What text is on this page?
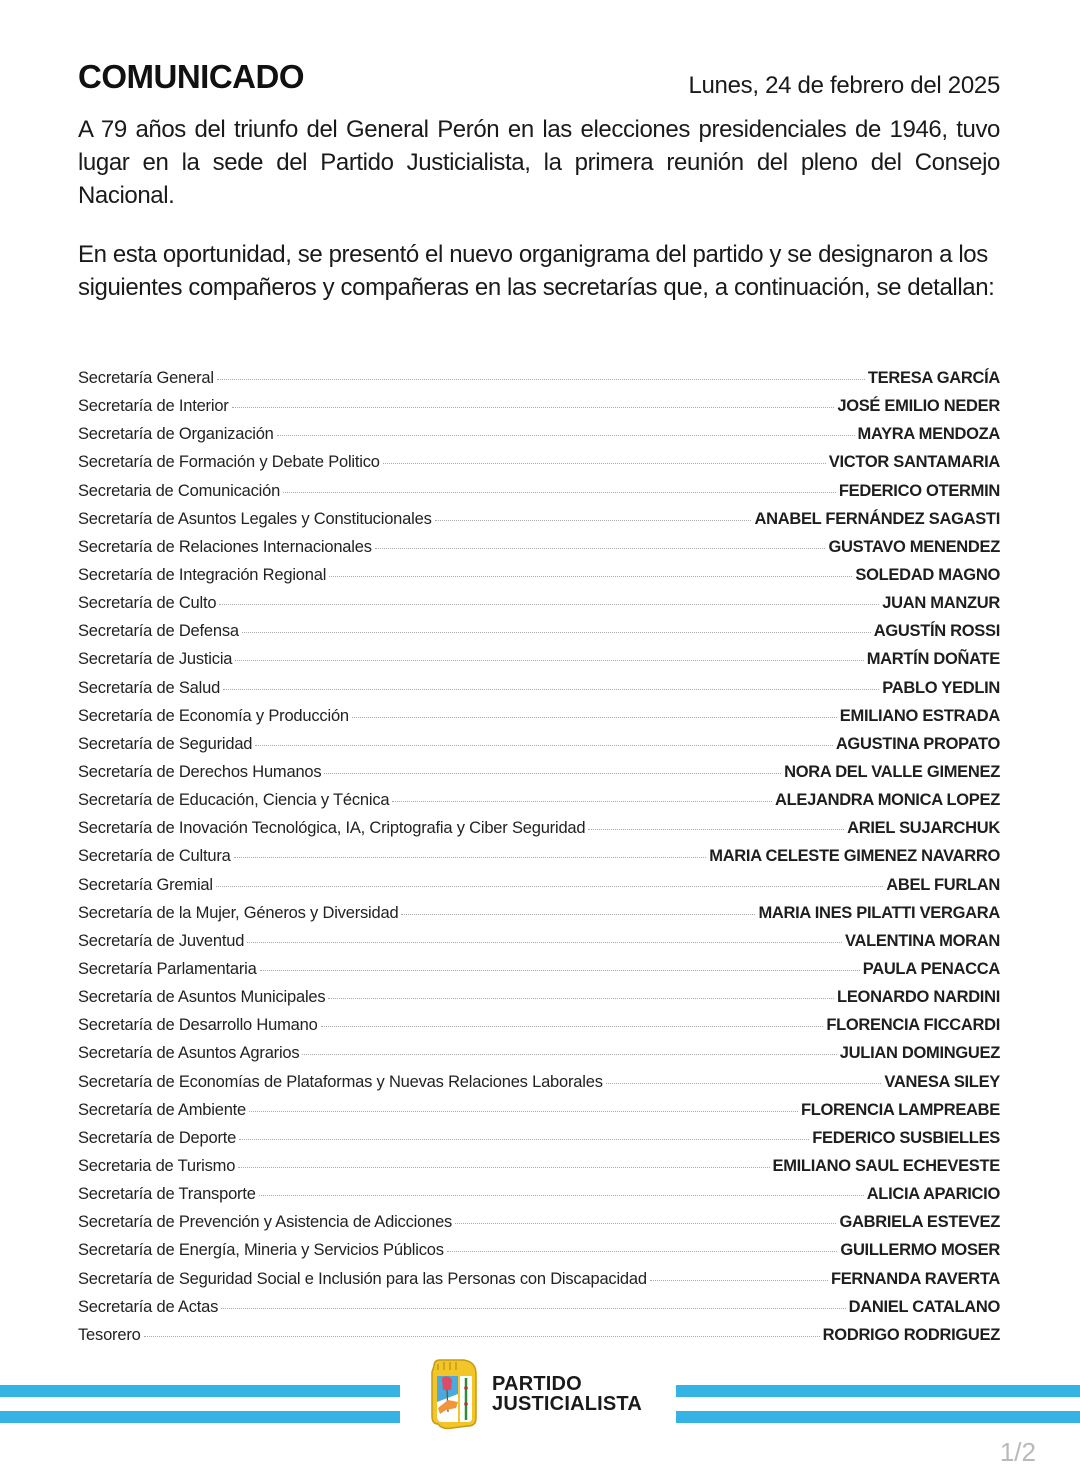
COMUNICADO	Lunes, 24 de febrero del 2025

A 79 años del triunfo del General Perón en las elecciones presidenciales de 1946, tuvo lugar en la sede del Partido Justicialista, la primera reunión del pleno del Consejo Nacional.

En esta oportunidad, se presentó el nuevo organigrama del partido y se designaron a los siguientes compañeros y compañeras en las secretarías que, a continuación, se detallan:

Secretaría General	TERESA GARCÍA
Secretaría de Interior	JOSÉ EMILIO NEDER
Secretaría de Organización	MAYRA MENDOZA
Secretaría de Formación y Debate Politico	VICTOR SANTAMARIA
Secretaria de Comunicación	FEDERICO OTERMIN
Secretaría de Asuntos Legales y Constitucionales	ANABEL FERNÁNDEZ SAGASTI
Secretaría de Relaciones Internacionales	GUSTAVO MENENDEZ
Secretaría de Integración Regional	SOLEDAD MAGNO
Secretaría de Culto	JUAN MANZUR
Secretaría de Defensa	AGUSTÍN ROSSI
Secretaría de Justicia	MARTÍN DOÑATE
Secretaría de Salud	PABLO YEDLIN
Secretaría de Economía y Producción	EMILIANO ESTRADA
Secretaría de Seguridad	AGUSTINA PROPATO
Secretaría de Derechos Humanos	NORA DEL VALLE GIMENEZ
Secretaría de Educación, Ciencia y Técnica	ALEJANDRA MONICA LOPEZ
Secretaría de Inovación Tecnológica, IA, Criptografia y Ciber Seguridad	ARIEL SUJARCHUK
Secretaría de Cultura	MARIA CELESTE GIMENEZ NAVARRO
Secretaría Gremial	ABEL FURLAN
Secretaría de la Mujer, Géneros y Diversidad	MARIA INES PILATTI VERGARA
Secretaría de Juventud	VALENTINA MORAN
Secretaría Parlamentaria	PAULA PENACCA
Secretaría de Asuntos Municipales	LEONARDO NARDINI
Secretaría de Desarrollo Humano	FLORENCIA FICCARDI
Secretaría de Asuntos Agrarios	JULIAN DOMINGUEZ
Secretaría de Economías de Plataformas y Nuevas Relaciones Laborales	VANESA SILEY
Secretaría de Ambiente	FLORENCIA LAMPREABE
Secretaría de Deporte	FEDERICO SUSBIELLES
Secretaria de Turismo	EMILIANO SAUL ECHEVESTE
Secretaría de Transporte	ALICIA APARICIO
Secretaría de Prevención y Asistencia de Adicciones	GABRIELA ESTEVEZ
Secretaría de Energía, Mineria y Servicios Públicos	GUILLERMO MOSER
Secretaría de Seguridad Social e Inclusión para las Personas con Discapacidad	FERNANDA RAVERTA
Secretaría de Actas	DANIEL CATALANO
Tesorero	RODRIGO RODRIGUEZ
PARTIDO
JUSTICIALISTA
1/2
